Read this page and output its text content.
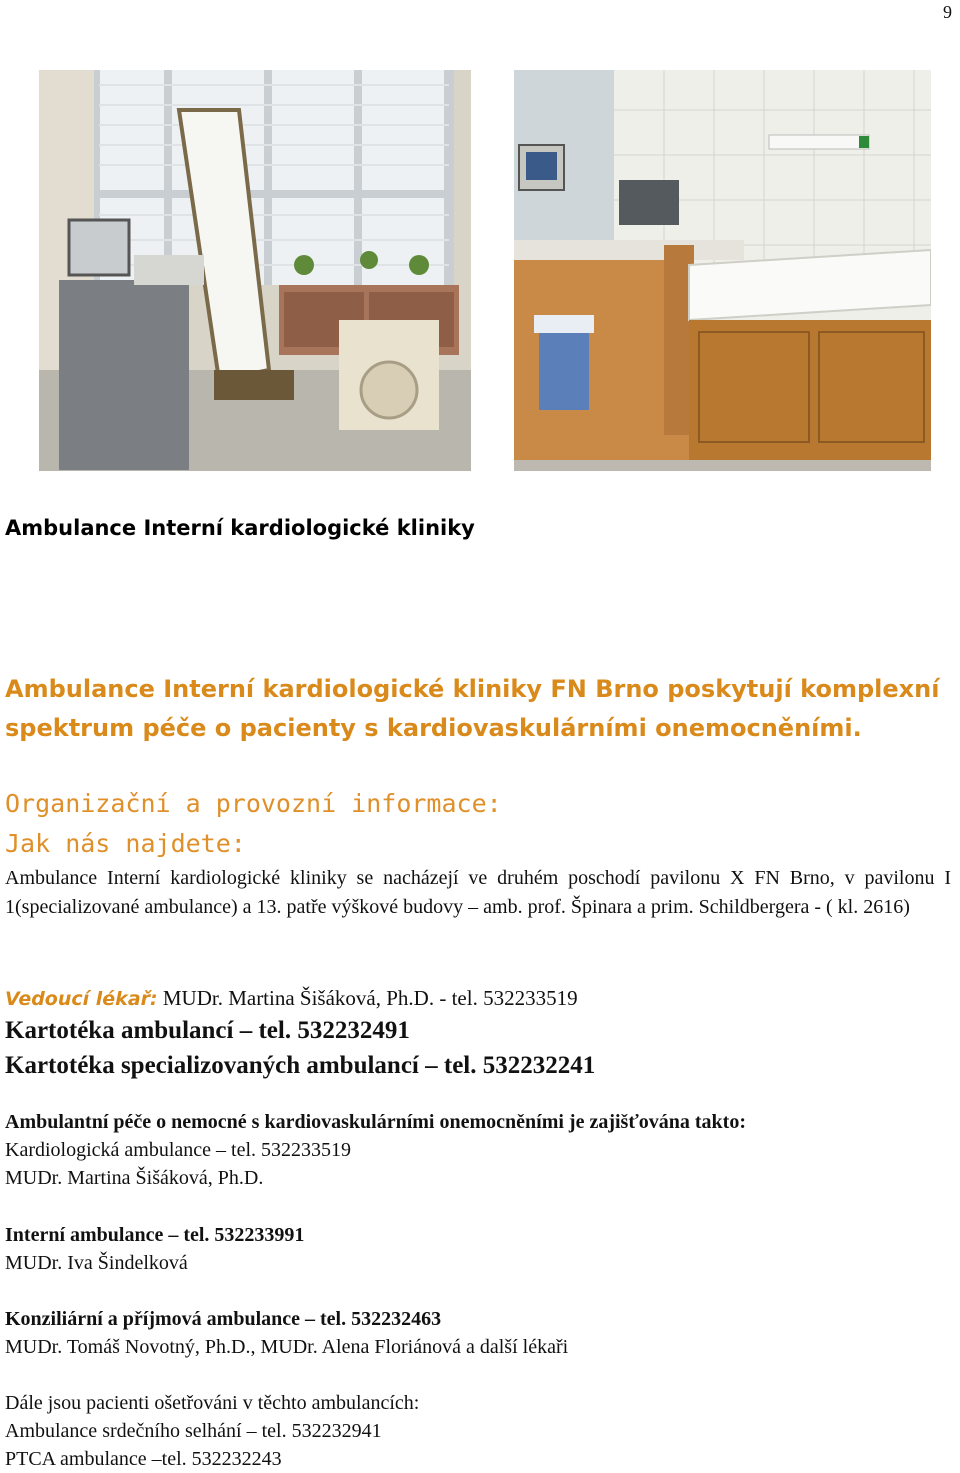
9
Ambulance Interní kardiologické kliniky
Ambulance Interní kardiologické kliniky FN Brno poskytují komplexní spektrum péče o pacienty s kardiovaskulárními onemocněními.
Organizační a provozní informace:
Jak nás najdete:
Ambulance Interní kardiologické kliniky se nacházejí ve druhém poschodí pavilonu X FN Brno, v pavilonu I 1(specializované ambulance) a 13. patře výškové budovy – amb. prof. Špinara a prim. Schildbergera - ( kl. 2616)
Vedoucí lékař: MUDr. Martina Šišáková, Ph.D. - tel. 532233519
Kartotéka ambulancí – tel. 532232491
Kartotéka specializovaných ambulancí – tel. 532232241
Ambulantní péče o nemocné s kardiovaskulárními onemocněními je zajišťována takto:
Kardiologická ambulance – tel. 532233519
MUDr. Martina Šišáková, Ph.D.
Interní ambulance – tel. 532233991
MUDr. Iva Šindelková
Konziliární a příjmová ambulance – tel. 532232463
MUDr. Tomáš Novotný, Ph.D., MUDr. Alena Floriánová a další lékaři
Dále jsou pacienti ošetřováni v těchto ambulancích:
Ambulance srdečního selhání – tel. 532232941
PTCA ambulance –tel. 532232243
